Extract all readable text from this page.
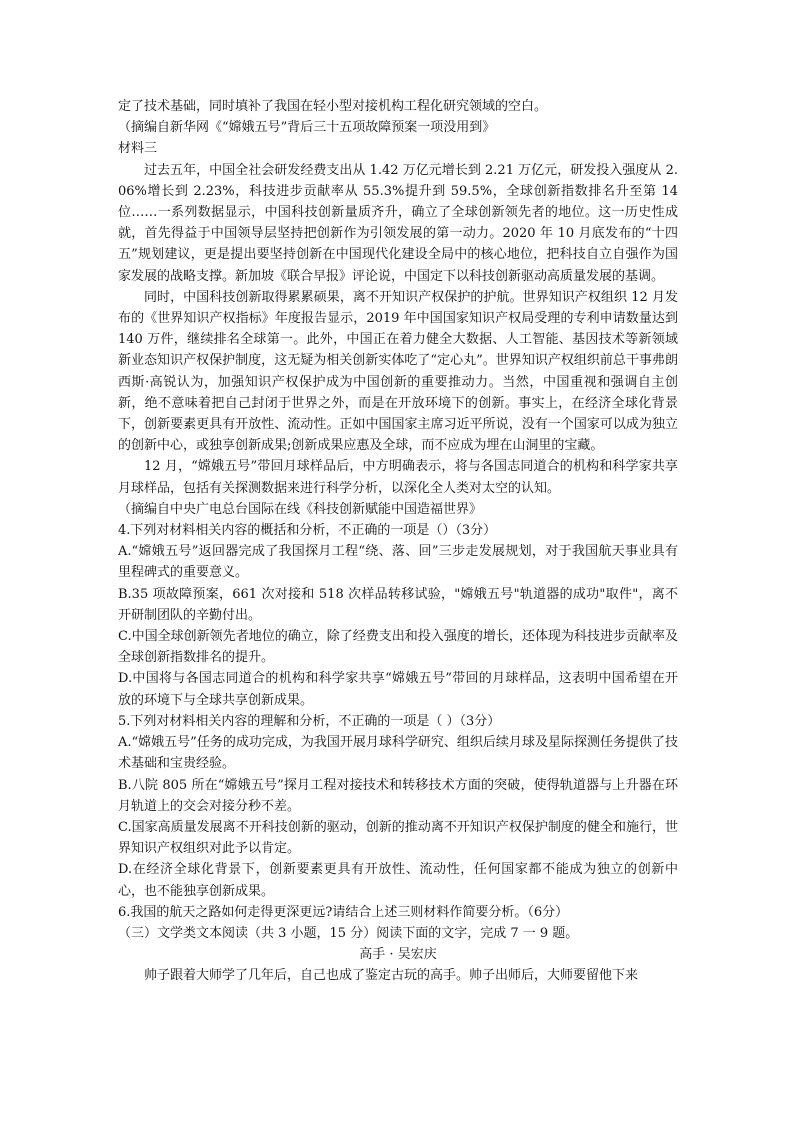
定了技术基础，同时填补了我国在轻小型对接机构工程化研究领域的空白。

（摘编自新华网《“嫦娥五号”背后三十五项故障预案一项没用到》

材料三

过去五年，中国全社会研发经费支出从 1.42 万亿元增长到 2.21 万亿元，研发投入强度从 2.06%增长到 2.23%，科技进步贡献率从 55.3%提升到 59.5%，全球创新指数排名升至第 14 位……一系列数据显示，中国科技创新量质齐升，确立了全球创新领先者的地位。这一历史性成就，首先得益于中国领导层坚持把创新作为引领发展的第一动力。2020 年 10 月底发布的“十四五”规划建议，更是提出要坚持创新在中国现代化建设全局中的核心地位，把科技自立自强作为国家发展的战略支撑。新加坡《联合早报》评论说，中国定下以科技创新驱动高质量发展的基调。

同时，中国科技创新取得累累硕果，离不开知识产权保护的护航。世界知识产权组织 12 月发布的《世界知识产权指标》年度报告显示，2019 年中国国家知识产权局受理的专利申请数量达到 140 万件，继续排名全球第一。此外，中国正在着力健全大数据、人工智能、基因技术等新领域新业态知识产权保护制度，这无疑为相关创新实体吃了“定心丸”。世界知识产权组织前总干事弗朗西斯·高锐认为，加强知识产权保护成为中国创新的重要推动力。当然，中国重视和强调自主创新，绝不意味着把自己封闭于世界之外，而是在开放环境下的创新。事实上，在经济全球化背景下，创新要素更具有开放性、流动性。正如中国国家主席习近平所说，没有一个国家可以成为独立的创新中心，或独享创新成果;创新成果应惠及全球，而不应成为埋在山洞里的宝藏。

12 月，“嫦娥五号”带回月球样品后，中方明确表示，将与各国志同道合的机构和科学家共享月球样品，包括有关探测数据来进行科学分析，以深化全人类对太空的认知。

（摘编自中央广电总台国际在线《科技创新赋能中国造福世界》

4.下列对材料相关内容的概括和分析，不正确的一项是（）（3分）

A.“嫦娥五号”返回器完成了我国探月工程“绕、落、回”三步走发展规划，对于我国航天事业具有里程碑式的重要意义。

B.35 项故障预案，661 次对接和 518 次样品转移试验，"嫦娥五号"轨道器的成功"取件"，离不开研制团队的辛勤付出。

C.中国全球创新领先者地位的确立，除了经费支出和投入强度的增长，还体现为科技进步贡献率及全球创新指数排名的提升。

D.中国将与各国志同道合的机构和科学家共享“嫦娥五号”带回的月球样品，这表明中国希望在开放的环境下与全球共享创新成果。

5.下列对材料相关内容的理解和分析，不正确的一项是（ ）（3分）

A.“嫦娥五号”任务的成功完成，为我国开展月球科学研究、组织后续月球及星际探测任务提供了技术基础和宝贵经验。

B.八院 805 所在“嫦娥五号”探月工程对接技术和转移技术方面的突破，使得轨道器与上升器在环月轨道上的交会对接分秒不差。

C.国家高质量发展离不开科技创新的驱动，创新的推动离不开知识产权保护制度的健全和施行，世界知识产权组织对此予以肯定。

D.在经济全球化背景下，创新要素更具有开放性、流动性，任何国家都不能成为独立的创新中心，也不能独享创新成果。

6.我国的航天之路如何走得更深更远?请结合上述三则材料作简要分析。（6分）

（三）文学类文本阅读（共 3 小题，15 分）阅读下面的文字，完成 7 一 9 题。

高手 · 吴宏庆

帅子跟着大师学了几年后，自己也成了鉴定古玩的高手。帅子出师后，大师要留他下来
